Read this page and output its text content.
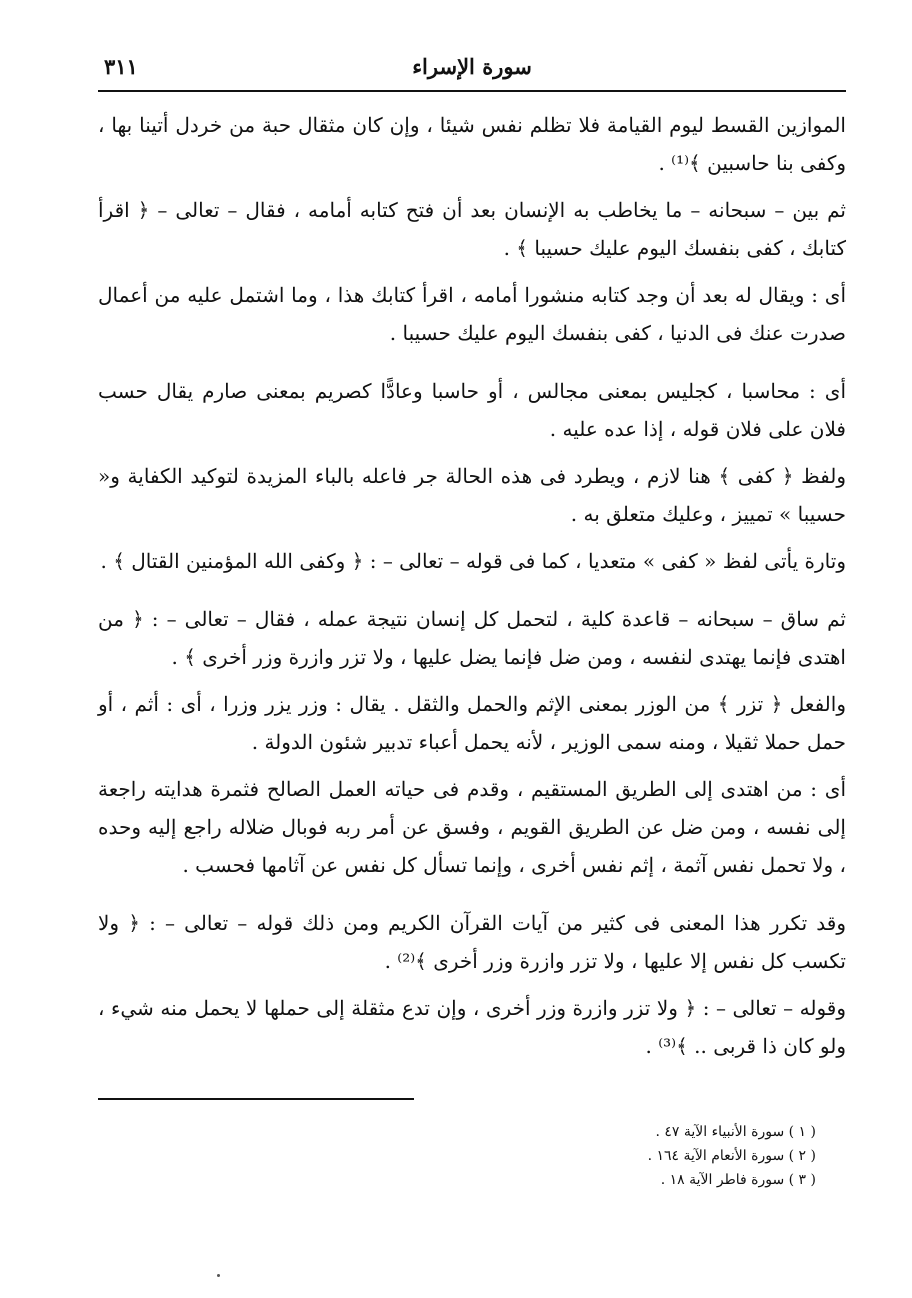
سورة الإسراء
٣١١

الموازين القسط ليوم القيامة فلا تظلم نفس شيئا ، وإن كان مثقال حبة من خردل أتينا بها ، وكفى بنا حاسبين ﴾⁽¹⁾ .

ثم بين – سبحانه – ما يخاطب به الإنسان بعد أن فتح كتابه أمامه ، فقال – تعالى – ﴿ اقرأ كتابك ، كفى بنفسك اليوم عليك حسيبا ﴾ .

أى : ويقال له بعد أن وجد كتابه منشورا أمامه ، اقرأ كتابك هذا ، وما اشتمل عليه من أعمال صدرت عنك فى الدنيا ، كفى بنفسك اليوم عليك حسيبا .

أى : محاسبا ، كجليس بمعنى مجالس ، أو حاسبا وعادًّا كصريم بمعنى صارم يقال حسب فلان على فلان قوله ، إذا عده عليه .

ولفظ ﴿ كفى ﴾ هنا لازم ، ويطرد فى هذه الحالة جر فاعله بالباء المزيدة لتوكيد الكفاية و« حسيبا » تمييز ، وعليك متعلق به .

وتارة يأتى لفظ « كفى » متعديا ، كما فى قوله – تعالى – : ﴿ وكفى الله المؤمنين القتال ﴾ .

ثم ساق – سبحانه – قاعدة كلية ، لتحمل كل إنسان نتيجة عمله ، فقال – تعالى – : ﴿ من اهتدى فإنما يهتدى لنفسه ، ومن ضل فإنما يضل عليها ، ولا تزر وازرة وزر أخرى ﴾ .

والفعل ﴿ تزر ﴾ من الوزر بمعنى الإثم والحمل والثقل . يقال : وزر يزر وزرا ، أى : أثم ، أو حمل حملا ثقيلا ، ومنه سمى الوزير ، لأنه يحمل أعباء تدبير شئون الدولة .

أى : من اهتدى إلى الطريق المستقيم ، وقدم فى حياته العمل الصالح فثمرة هدايته راجعة إلى نفسه ، ومن ضل عن الطريق القويم ، وفسق عن أمر ربه فوبال ضلاله راجع إليه وحده ، ولا تحمل نفس آثمة ، إثم نفس أخرى ، وإنما تسأل كل نفس عن آثامها فحسب .

وقد تكرر هذا المعنى فى كثير من آيات القرآن الكريم ومن ذلك قوله – تعالى – : ﴿ ولا تكسب كل نفس إلا عليها ، ولا تزر وازرة وزر أخرى ﴾⁽²⁾ .

وقوله – تعالى – : ﴿ ولا تزر وازرة وزر أخرى ، وإن تدع مثقلة إلى حملها لا يحمل منه شيء ، ولو كان ذا قربى .. ﴾⁽³⁾ .

( ١ ) سورة الأنبياء الآية ٤٧ .
( ٢ ) سورة الأنعام الآية ١٦٤ .
( ٣ ) سورة فاطر الآية ١٨ .
